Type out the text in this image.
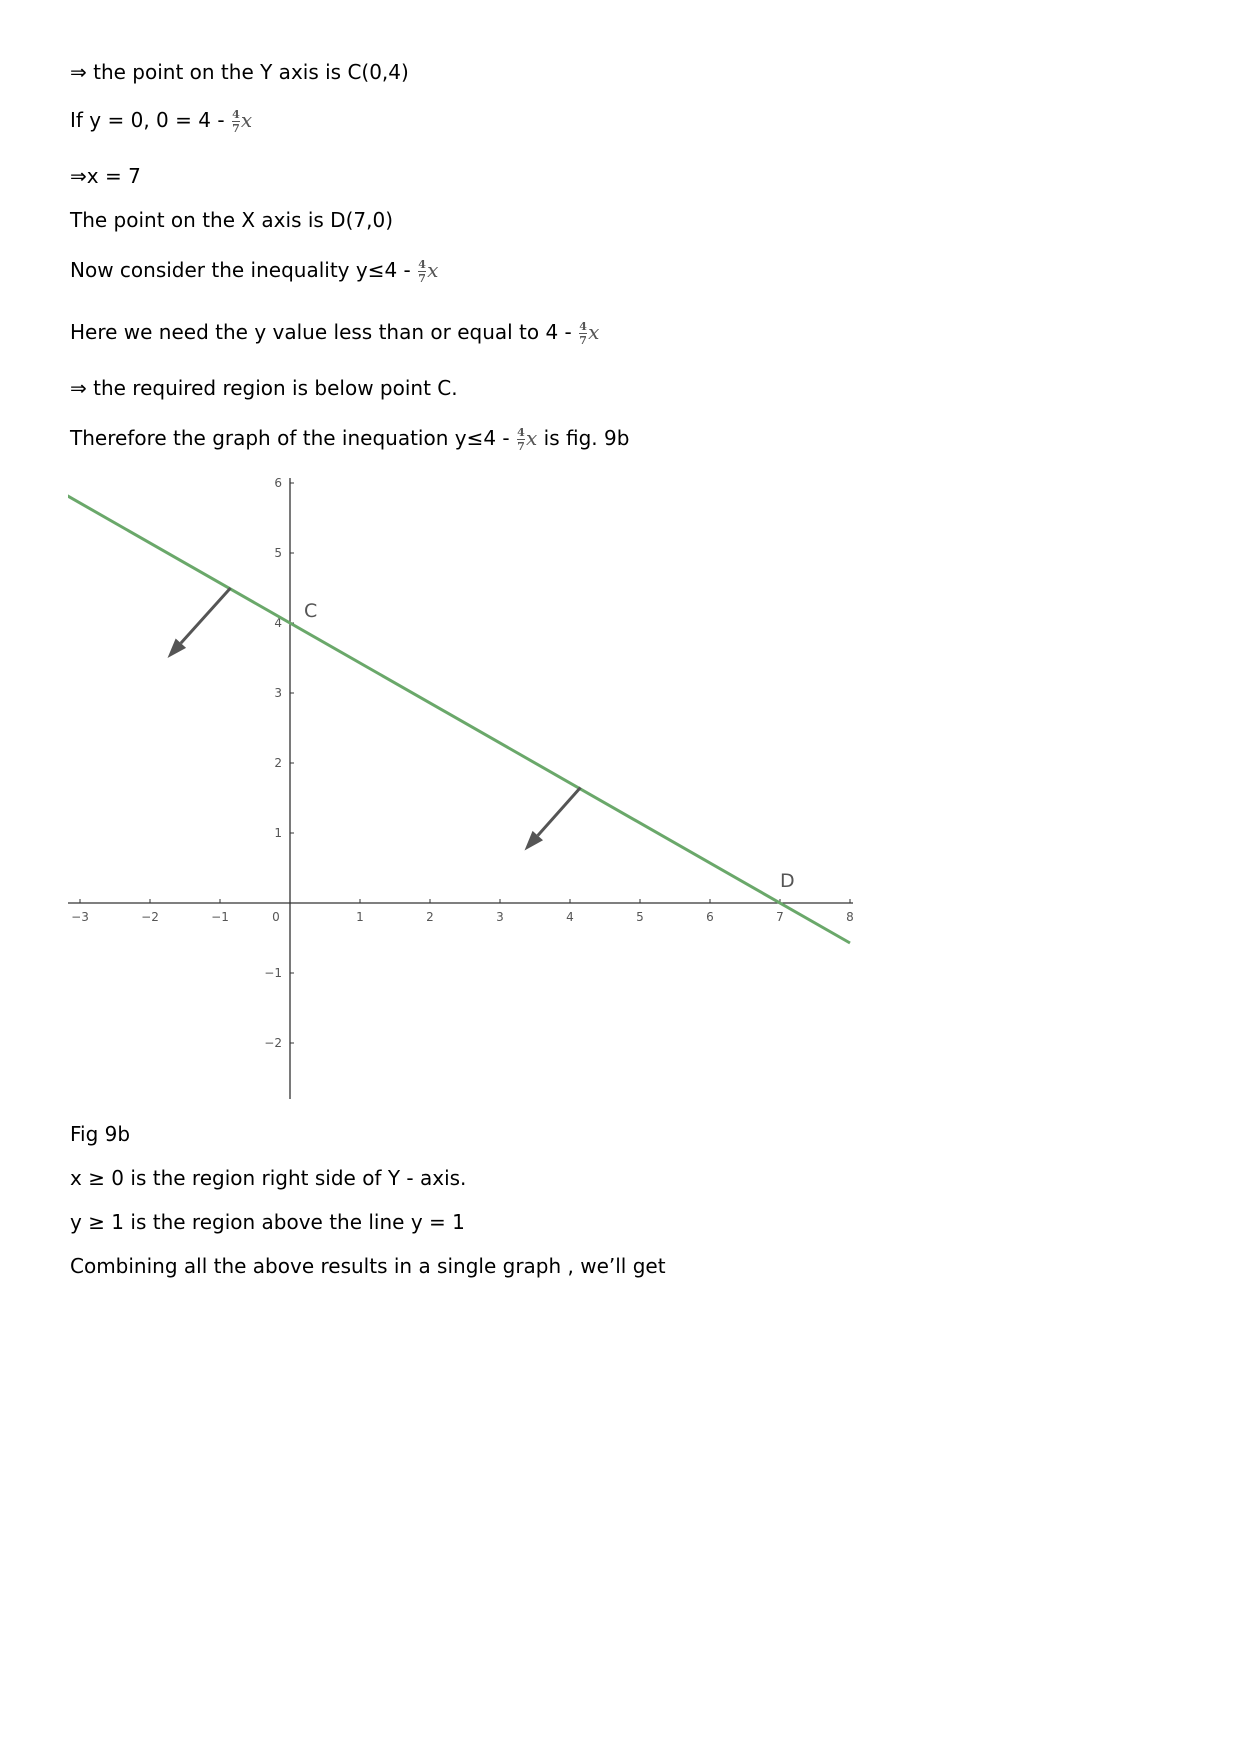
⇒ the point on the Y axis is C(0,4)
If y = 0, $0 = 4 - \frac{4}{7}$ x
⇒x = 7
The point on the X axis is D(7,0)
Now consider the inequality $y\le 4 - \frac{4}{7}$ x
Here we need the y value less than or equal to $4 - \frac{4}{7}$ x
⇒ the required region is below point C.
Therefore the graph of the inequation $y\le 4 - \frac{4}{7}$ x is fig. 9b
−3	−2	−1	0	1	2	3	4	5	6	7	8
−2
−1
1
2
3
4
5
6
C
D
Fig 9b
x ≥ 0 is the region right side of Y - axis.
y ≥ 1 is the region above the line y = 1
Combining all the above results in a single graph , we’ll get
